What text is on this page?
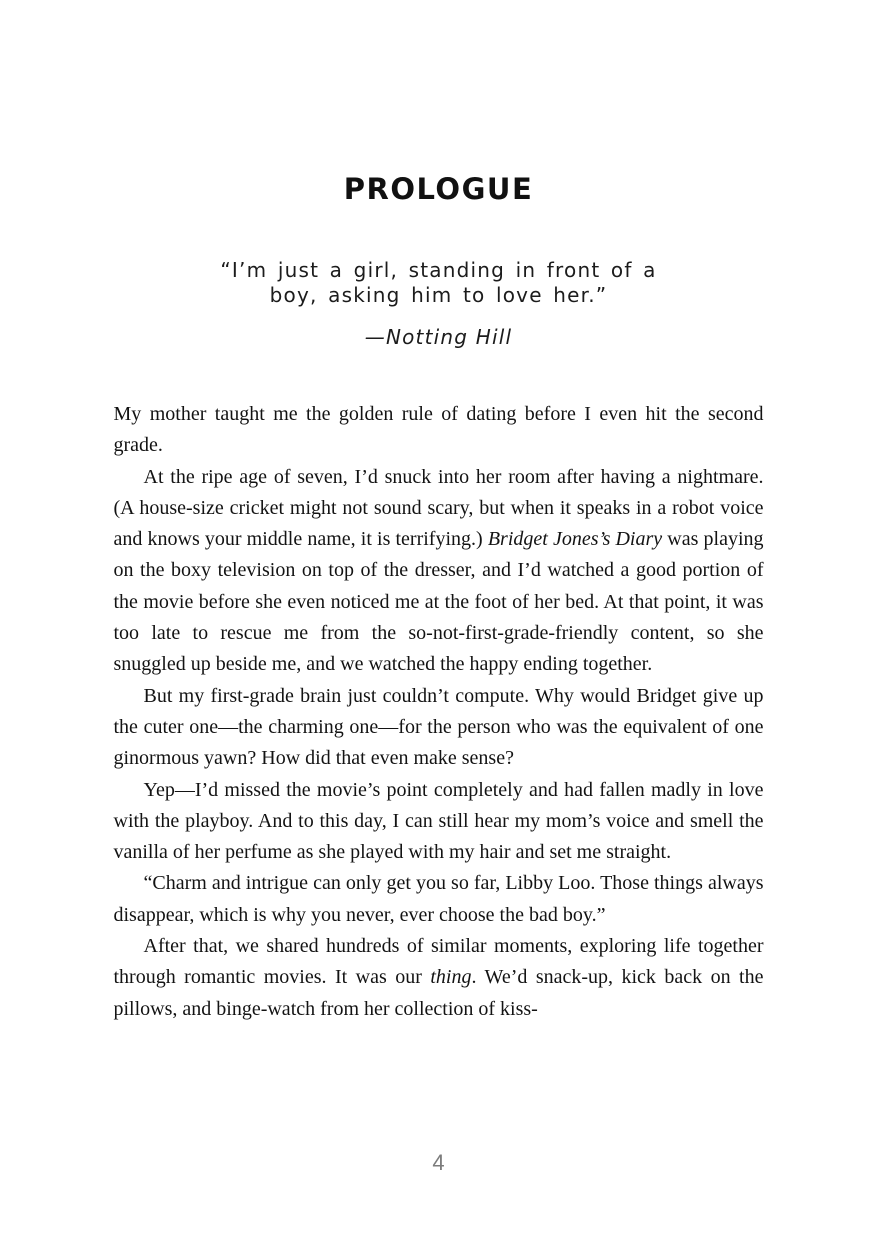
PROLOGUE
“I’m just a girl, standing in front of a
boy, asking him to love her.”
—Notting Hill

My mother taught me the golden rule of dating before I even hit the second grade.

At the ripe age of seven, I’d snuck into her room after having a nightmare. (A house-size cricket might not sound scary, but when it speaks in a robot voice and knows your middle name, it is terrifying.) Bridget Jones’s Diary was playing on the boxy television on top of the dresser, and I’d watched a good portion of the movie before she even noticed me at the foot of her bed. At that point, it was too late to rescue me from the so-not-first-grade-friendly content, so she snuggled up beside me, and we watched the happy ending together.

But my first-grade brain just couldn’t compute. Why would Bridget give up the cuter one—the charming one—for the person who was the equivalent of one ginormous yawn? How did that even make sense?

Yep—I’d missed the movie’s point completely and had fallen madly in love with the playboy. And to this day, I can still hear my mom’s voice and smell the vanilla of her perfume as she played with my hair and set me straight.

“Charm and intrigue can only get you so far, Libby Loo. Those things always disappear, which is why you never, ever choose the bad boy.”

After that, we shared hundreds of similar moments, exploring life together through romantic movies. It was our thing. We’d snack-up, kick back on the pillows, and binge-watch from her collection of kiss-

4
